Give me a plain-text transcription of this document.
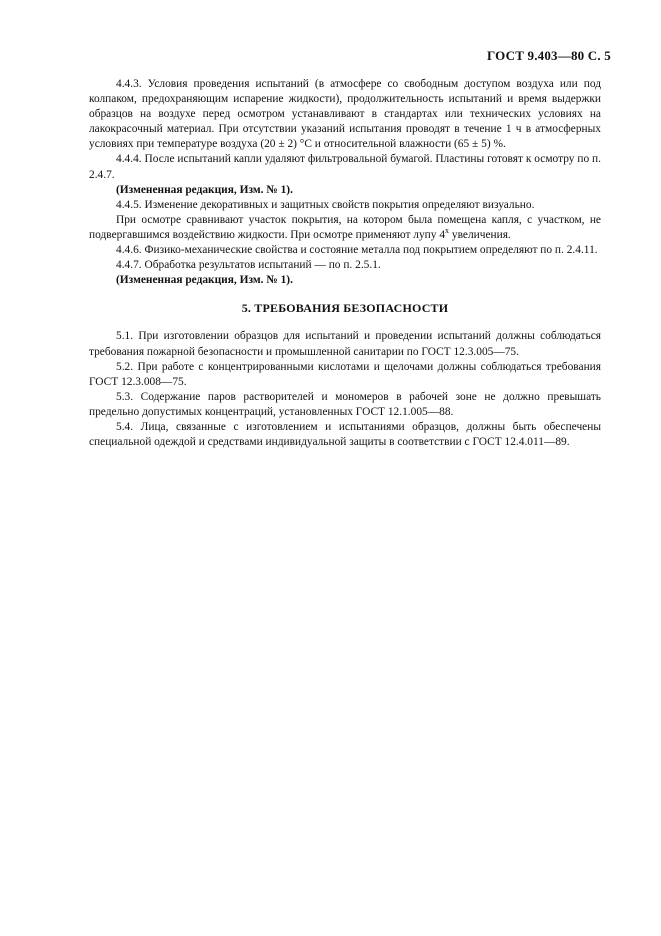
ГОСТ 9.403—80 С. 5

4.4.3. Условия проведения испытаний (в атмосфере со свободным доступом воздуха или под колпаком, предохраняющим испарение жидкости), продолжительность испытаний и время выдержки образцов на воздухе перед осмотром устанавливают в стандартах или технических условиях на лакокрасочный материал. При отсутствии указаний испытания проводят в течение 1 ч в атмосферных условиях при температуре воздуха (20 ± 2) °С и относительной влажности (65 ± 5) %.

4.4.4. После испытаний капли удаляют фильтровальной бумагой. Пластины готовят к осмотру по п. 2.4.7.

(Измененная редакция, Изм. № 1).

4.4.5. Изменение декоративных и защитных свойств покрытия определяют визуально.

При осмотре сравнивают участок покрытия, на котором была помещена капля, с участком, не подвергавшимся воздействию жидкости. При осмотре применяют лупу $4^х$ увеличения.

4.4.6. Физико-механические свойства и состояние металла под покрытием определяют по п. 2.4.11.

4.4.7. Обработка результатов испытаний — по п. 2.5.1.

(Измененная редакция, Изм. № 1).

5. ТРЕБОВАНИЯ БЕЗОПАСНОСТИ

5.1. При изготовлении образцов для испытаний и проведении испытаний должны соблюдаться требования пожарной безопасности и промышленной санитарии по ГОСТ 12.3.005—75.

5.2. При работе с концентрированными кислотами и щелочами должны соблюдаться требования ГОСТ 12.3.008—75.

5.3. Содержание паров растворителей и мономеров в рабочей зоне не должно превышать предельно допустимых концентраций, установленных ГОСТ 12.1.005—88.

5.4. Лица, связанные с изготовлением и испытаниями образцов, должны быть обеспечены специальной одеждой и средствами индивидуальной защиты в соответствии с ГОСТ 12.4.011—89.
